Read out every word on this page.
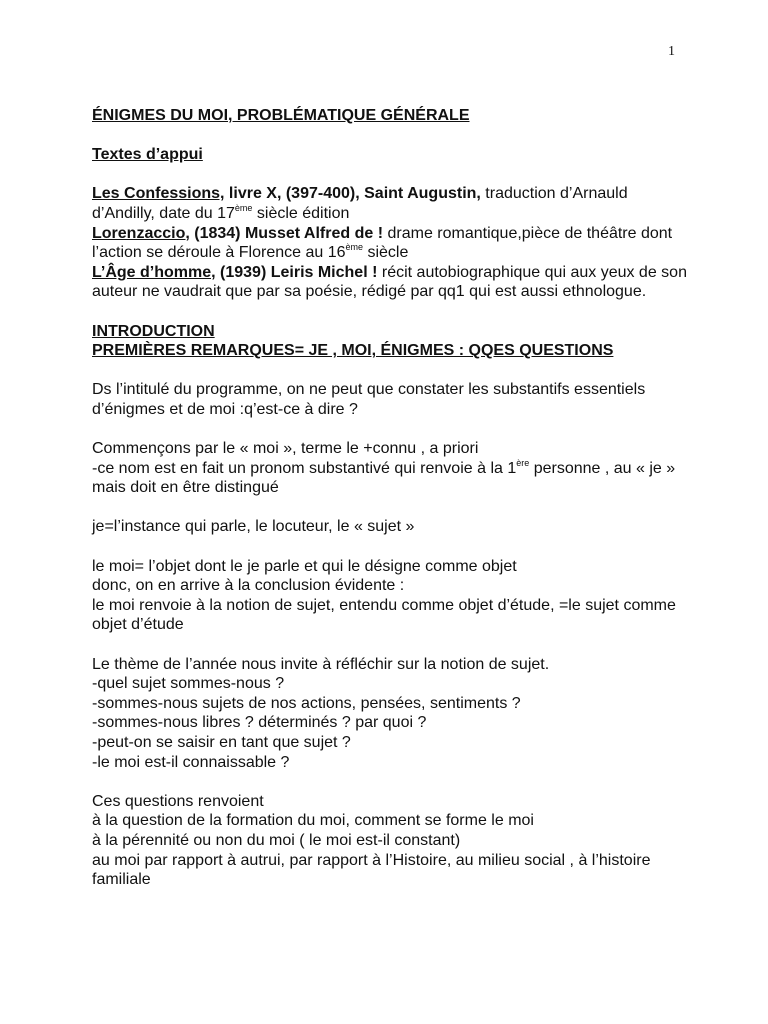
1

ÉNIGMES DU MOI, PROBLÉMATIQUE GÉNÉRALE

Textes d’appui

Les Confessions, livre X, (397-400), Saint Augustin, traduction d’Arnauld d’Andilly, date du 17ème siècle édition

Lorenzaccio, (1834) Musset Alfred de ! drame romantique,pièce de théâtre dont l’action se déroule à Florence au 16ème siècle

L’Âge d’homme, (1939) Leiris Michel ! récit autobiographique qui aux yeux de son auteur ne vaudrait que par sa poésie, rédigé par qq1 qui est aussi ethnologue.

INTRODUCTION

PREMIÈRES REMARQUES= JE , MOI, ÉNIGMES : QQES QUESTIONS

Ds l’intitulé du programme, on ne peut que constater les substantifs essentiels d’énigmes et de moi :q’est-ce à dire ?

Commençons par le « moi », terme le +connu , a priori

-ce nom est en fait un pronom substantivé qui renvoie à la 1ère personne , au « je » mais doit en être distingué

je=l’instance qui parle, le locuteur, le « sujet »

le moi= l’objet dont le je parle et qui le désigne comme objet

donc, on en arrive à la conclusion évidente :

le moi renvoie à la notion de sujet, entendu comme objet d’étude, =le sujet comme objet d’étude

Le thème de l’année nous invite à réfléchir sur la notion de sujet.

-quel sujet sommes-nous ?

-sommes-nous sujets de nos actions, pensées, sentiments ?

-sommes-nous libres ? déterminés ? par quoi ?

-peut-on se saisir en tant que sujet ?

-le moi est-il connaissable ?

Ces questions renvoient

à la question de la formation du moi, comment se forme le moi

à la pérennité ou non du moi ( le moi est-il constant)

au moi par rapport à autrui, par rapport à l’Histoire, au milieu social , à l’histoire familiale
